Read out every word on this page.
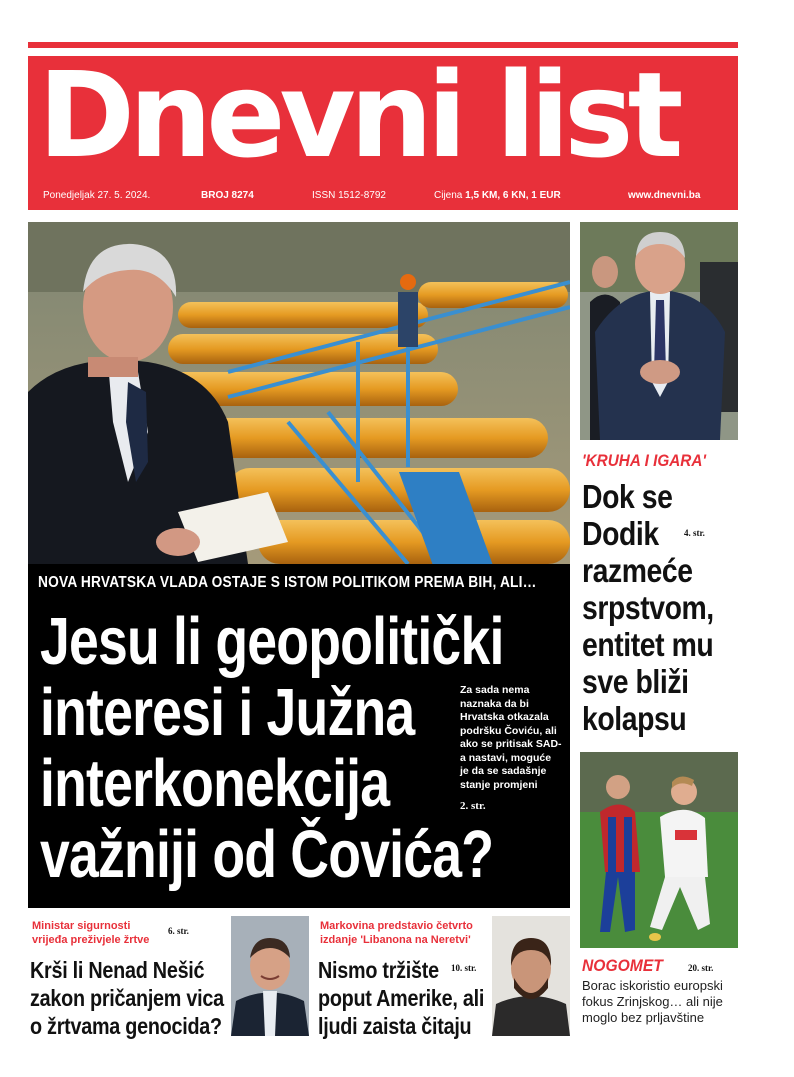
Dnevni list
Ponedjeljak 27. 5. 2024.	BROJ 8274	ISSN 1512-8792	Cijena 1,5 KM, 6 KN, 1 EUR	www.dnevni.ba
NOVA HRVATSKA VLADA OSTAJE S ISTOM POLITIKOM PREMA BIH, ALI…
Jesu li geopolitički
interesi i Južna
interkonekcija
važniji od Čovića?
Za sada nema
naznaka da bi
Hrvatska otkazala
podršku Čoviću, ali
ako se pritisak SAD-
a nastavi, moguće
je da se sadašnje
stanje promjeni
2. str.
'KRUHA I IGARA'
Dok se
Dodik
razmeće
srpstvom,
entitet mu
sve bliži
kolapsu
4. str.
NOGOMET	20. str.
Borac iskoristio europski fokus Zrinjskog… ali nije moglo bez prljavštine
Ministar sigurnosti
vrijeđa preživjele žrtve
6. str.
Krši li Nenad Nešić
zakon pričanjem vica
o žrtvama genocida?
Markovina predstavio četvrto
izdanje 'Libanona na Neretvi'
10. str.
Nismo tržište
poput Amerike, ali
ljudi zaista čitaju
